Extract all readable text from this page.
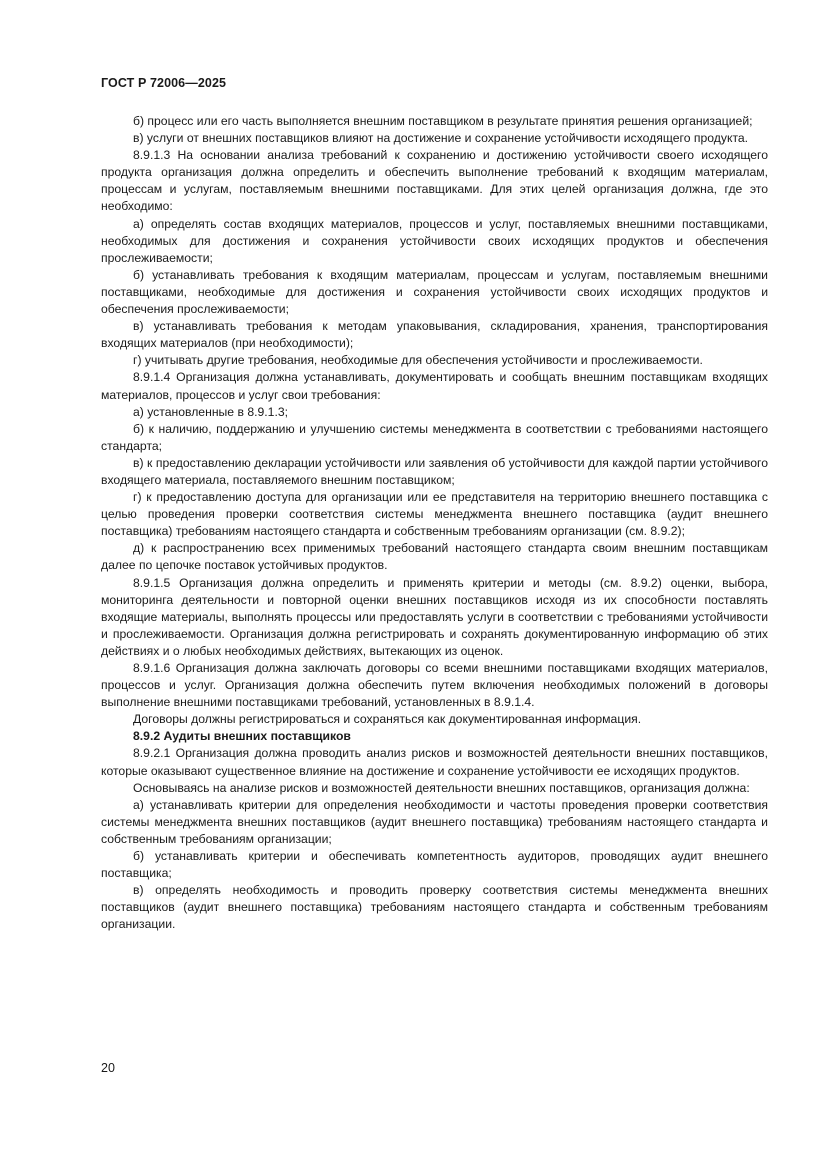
ГОСТ Р 72006—2025

б) процесс или его часть выполняется внешним поставщиком в результате принятия решения организацией;

в) услуги от внешних поставщиков влияют на достижение и сохранение устойчивости исходящего продукта.

8.9.1.3 На основании анализа требований к сохранению и достижению устойчивости своего исходящего продукта организация должна определить и обеспечить выполнение требований к входящим материалам, процессам и услугам, поставляемым внешними поставщиками. Для этих целей организация должна, где это необходимо:

а) определять состав входящих материалов, процессов и услуг, поставляемых внешними поставщиками, необходимых для достижения и сохранения устойчивости своих исходящих продуктов и обеспечения прослеживаемости;

б) устанавливать требования к входящим материалам, процессам и услугам, поставляемым внешними поставщиками, необходимые для достижения и сохранения устойчивости своих исходящих продуктов и обеспечения прослеживаемости;

в) устанавливать требования к методам упаковывания, складирования, хранения, транспортирования входящих материалов (при необходимости);

г) учитывать другие требования, необходимые для обеспечения устойчивости и прослеживаемости.

8.9.1.4 Организация должна устанавливать, документировать и сообщать внешним поставщикам входящих материалов, процессов и услуг свои требования:

а) установленные в 8.9.1.3;

б) к наличию, поддержанию и улучшению системы менеджмента в соответствии с требованиями настоящего стандарта;

в) к предоставлению декларации устойчивости или заявления об устойчивости для каждой партии устойчивого входящего материала, поставляемого внешним поставщиком;

г) к предоставлению доступа для организации или ее представителя на территорию внешнего поставщика с целью проведения проверки соответствия системы менеджмента внешнего поставщика (аудит внешнего поставщика) требованиям настоящего стандарта и собственным требованиям организации (см. 8.9.2);

д) к распространению всех применимых требований настоящего стандарта своим внешним поставщикам далее по цепочке поставок устойчивых продуктов.

8.9.1.5 Организация должна определить и применять критерии и методы (см. 8.9.2) оценки, выбора, мониторинга деятельности и повторной оценки внешних поставщиков исходя из их способности поставлять входящие материалы, выполнять процессы или предоставлять услуги в соответствии с требованиями устойчивости и прослеживаемости. Организация должна регистрировать и сохранять документированную информацию об этих действиях и о любых необходимых действиях, вытекающих из оценок.

8.9.1.6 Организация должна заключать договоры со всеми внешними поставщиками входящих материалов, процессов и услуг. Организация должна обеспечить путем включения необходимых положений в договоры выполнение внешними поставщиками требований, установленных в 8.9.1.4.

Договоры должны регистрироваться и сохраняться как документированная информация.

8.9.2 Аудиты внешних поставщиков

8.9.2.1 Организация должна проводить анализ рисков и возможностей деятельности внешних поставщиков, которые оказывают существенное влияние на достижение и сохранение устойчивости ее исходящих продуктов.

Основываясь на анализе рисков и возможностей деятельности внешних поставщиков, организация должна:

а) устанавливать критерии для определения необходимости и частоты проведения проверки соответствия системы менеджмента внешних поставщиков (аудит внешнего поставщика) требованиям настоящего стандарта и собственным требованиям организации;

б) устанавливать критерии и обеспечивать компетентность аудиторов, проводящих аудит внешнего поставщика;

в) определять необходимость и проводить проверку соответствия системы менеджмента внешних поставщиков (аудит внешнего поставщика) требованиям настоящего стандарта и собственным требованиям организации.

20
